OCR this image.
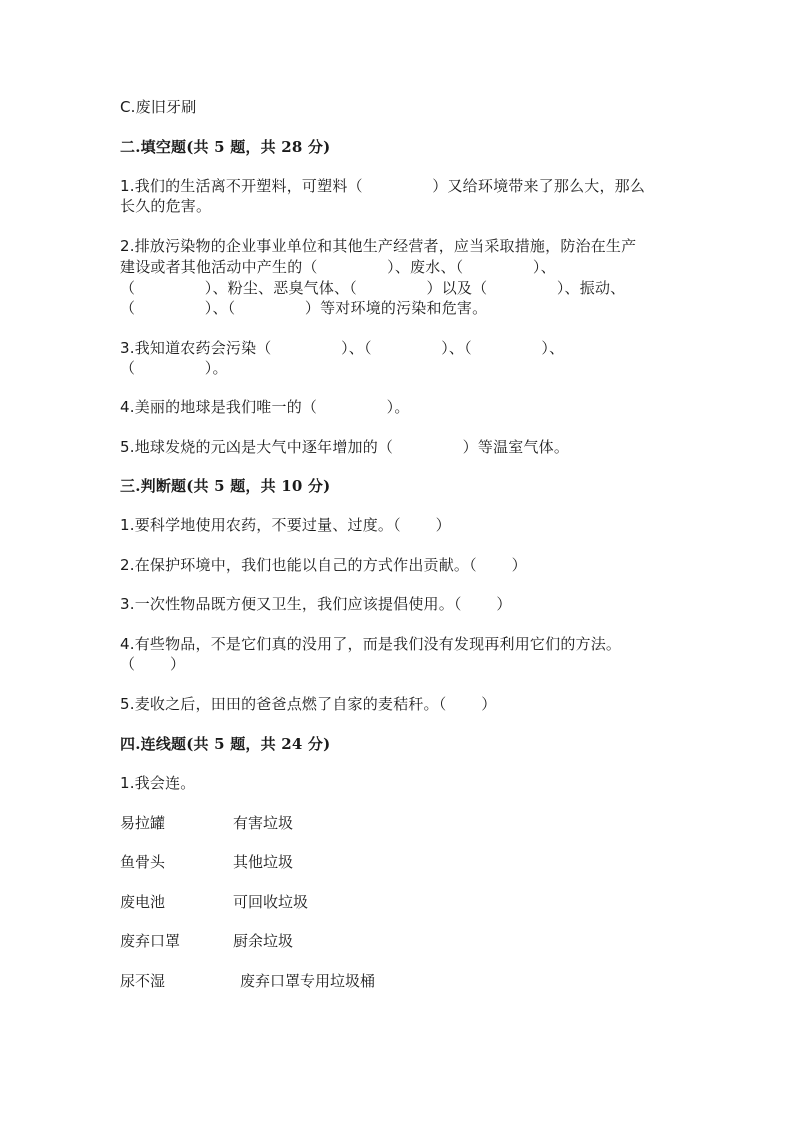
C.废旧牙刷
二.填空题(共 5 题，共 28 分)
1.我们的生活离不开塑料，可塑料（              ）又给环境带来了那么大，那么
长久的危害。
2.排放污染物的企业事业单位和其他生产经营者，应当采取措施，防治在生产
建设或者其他活动中产生的（              ）、废水、（              ）、
（              ）、粉尘、恶臭气体、（              ）以及（              ）、振动、
（              ）、（              ）等对环境的污染和危害。
3.我知道农药会污染（              ）、（              ）、（              ）、
（              ）。
4.美丽的地球是我们唯一的（              ）。
5.地球发烧的元凶是大气中逐年增加的（              ）等温室气体。
三.判断题(共 5 题，共 10 分)
1.要科学地使用农药，不要过量、过度。（       ）
2.在保护环境中，我们也能以自己的方式作出贡献。（       ）
3.一次性物品既方便又卫生，我们应该提倡使用。（       ）
4.有些物品，不是它们真的没用了，而是我们没有发现再利用它们的方法。
（       ）
5.麦收之后，田田的爸爸点燃了自家的麦秸秆。（       ）
四.连线题(共 5 题，共 24 分)
1.我会连。
易拉罐	有害垃圾
鱼骨头	其他垃圾
废电池	可回收垃圾
废弃口罩	厨余垃圾
尿不湿	废弃口罩专用垃圾桶
